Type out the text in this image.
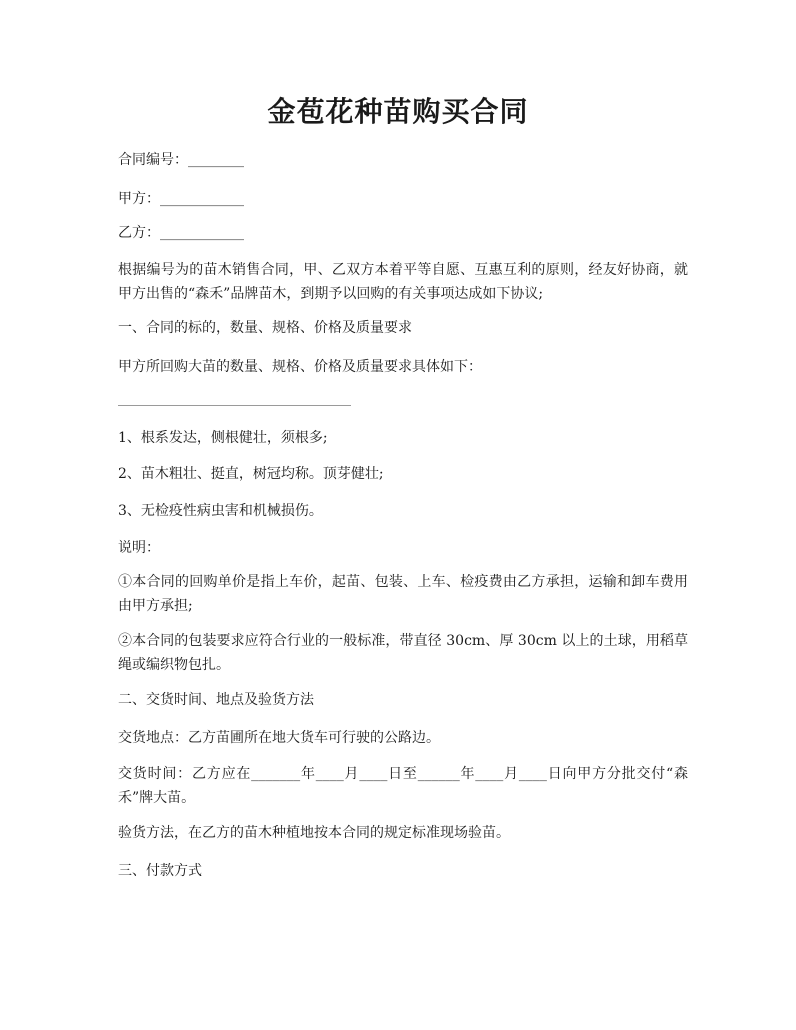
金苞花种苗购买合同

合同编号：________

甲方：____________

乙方：____________

根据编号为的苗木销售合同，甲、乙双方本着平等自愿、互惠互利的原则，经友好协商，就甲方出售的“森禾”品牌苗木，到期予以回购的有关事项达成如下协议;

一、合同的标的，数量、规格、价格及质量要求

甲方所回购大苗的数量、规格、价格及质量要求具体如下：

1、根系发达，侧根健壮，须根多;

2、苗木粗壮、挺直，树冠均称。顶芽健壮;

3、无检疫性病虫害和机械损伤。

说明：

①本合同的回购单价是指上车价，起苗、包装、上车、检疫费由乙方承担，运输和卸车费用由甲方承担;

②本合同的包装要求应符合行业的一般标准，带直径 30cm、厚 30cm 以上的土球，用稻草绳或编织物包扎。

二、交货时间、地点及验货方法

交货地点：乙方苗圃所在地大货车可行驶的公路边。

交货时间：乙方应在_______年____月____日至______年____月____日向甲方分批交付“森禾”牌大苗。

验货方法，在乙方的苗木种植地按本合同的规定标准现场验苗。

三、付款方式
